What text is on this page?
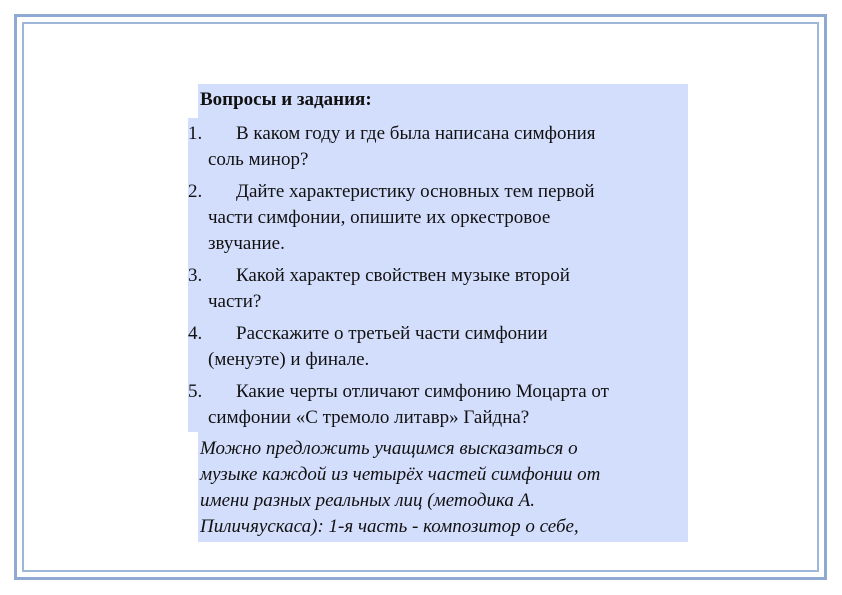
Вопросы и задания:
1.	В каком году и где была написана симфония
соль минор?
2.	Дайте характеристику основных тем первой
части симфонии, опишите их оркестровое
звучание.
3.	Какой характер свойствен музыке второй
части?
4.	Расскажите о третьей части симфонии
(менуэте) и финале.
5.	Какие черты отличают симфонию Моцарта от
симфонии «С тремоло литавр» Гайдна?
Можно предложить учащимся высказаться о
музыке каждой из четырёх частей симфонии от
имени разных реальных лиц (методика А.
Пиличяускаса): 1-я часть - композитор о себе,
